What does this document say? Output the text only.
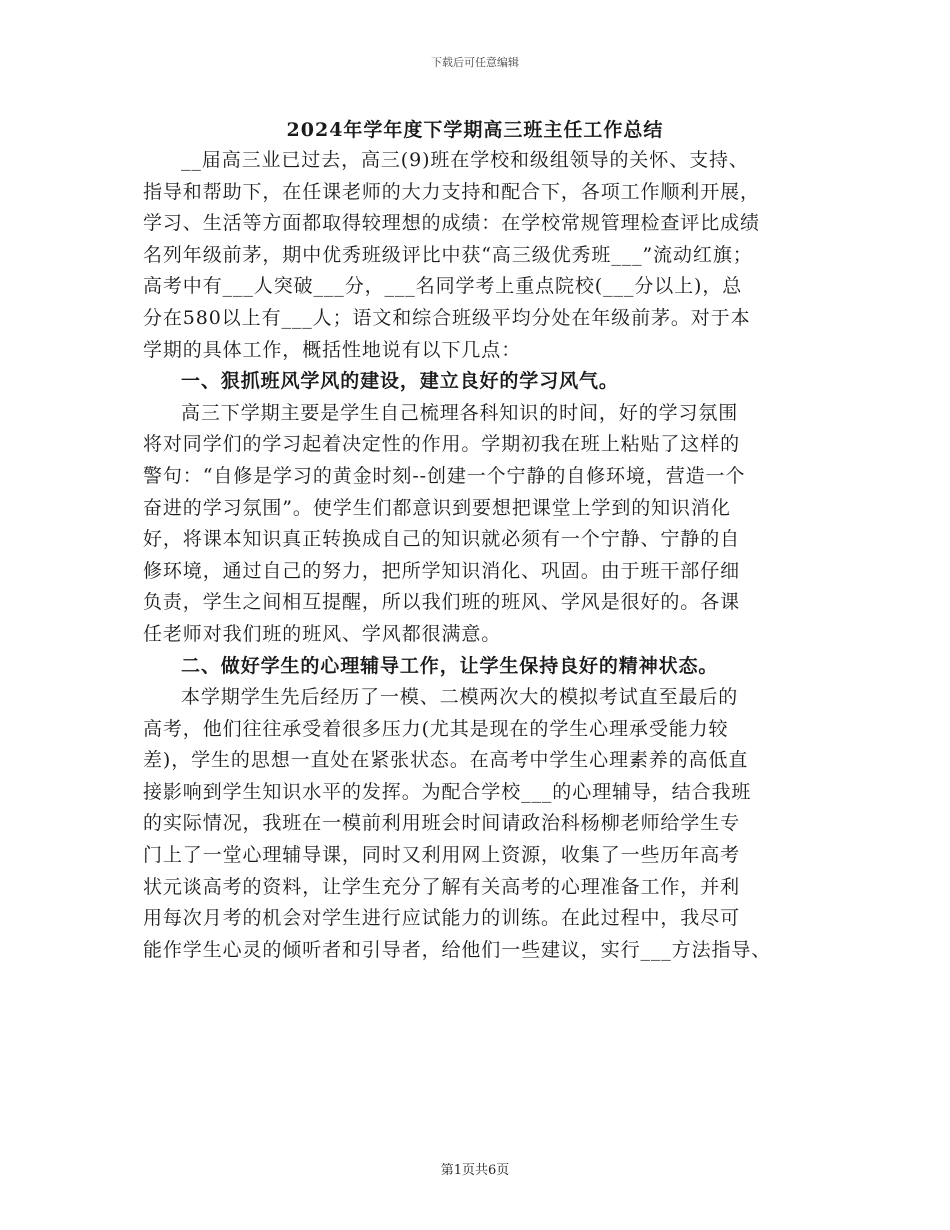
下载后可任意编辑
2024年学年度下学期高三班主任工作总结

__届高三业已过去，高三(9)班在学校和级组领导的关怀、支持、
指导和帮助下，在任课老师的大力支持和配合下，各项工作顺利开展，
学习、生活等方面都取得较理想的成绩：在学校常规管理检查评比成绩
名列年级前茅，期中优秀班级评比中获“高三级优秀班___”流动红旗；
高考中有___人突破___分，___名同学考上重点院校(___分以上)，总
分在580以上有___人；语文和综合班级平均分处在年级前茅。对于本
学期的具体工作，概括性地说有以下几点：

一、狠抓班风学风的建设，建立良好的学习风气。

高三下学期主要是学生自己梳理各科知识的时间，好的学习氛围
将对同学们的学习起着决定性的作用。学期初我在班上粘贴了这样的
警句：“自修是学习的黄金时刻--创建一个宁静的自修环境，营造一个
奋进的学习氛围”。使学生们都意识到要想把课堂上学到的知识消化
好，将课本知识真正转换成自己的知识就必须有一个宁静、宁静的自
修环境，通过自己的努力，把所学知识消化、巩固。由于班干部仔细
负责，学生之间相互提醒，所以我们班的班风、学风是很好的。各课
任老师对我们班的班风、学风都很满意。

二、做好学生的心理辅导工作，让学生保持良好的精神状态。

本学期学生先后经历了一模、二模两次大的模拟考试直至最后的
高考，他们往往承受着很多压力(尤其是现在的学生心理承受能力较
差)，学生的思想一直处在紧张状态。在高考中学生心理素养的高低直
接影响到学生知识水平的发挥。为配合学校___的心理辅导，结合我班
的实际情况，我班在一模前利用班会时间请政治科杨柳老师给学生专
门上了一堂心理辅导课，同时又利用网上资源，收集了一些历年高考
状元谈高考的资料，让学生充分了解有关高考的心理准备工作，并利
用每次月考的机会对学生进行应试能力的训练。在此过程中，我尽可
能作学生心灵的倾听者和引导者，给他们一些建议，实行___方法指导、

第1页共6页
